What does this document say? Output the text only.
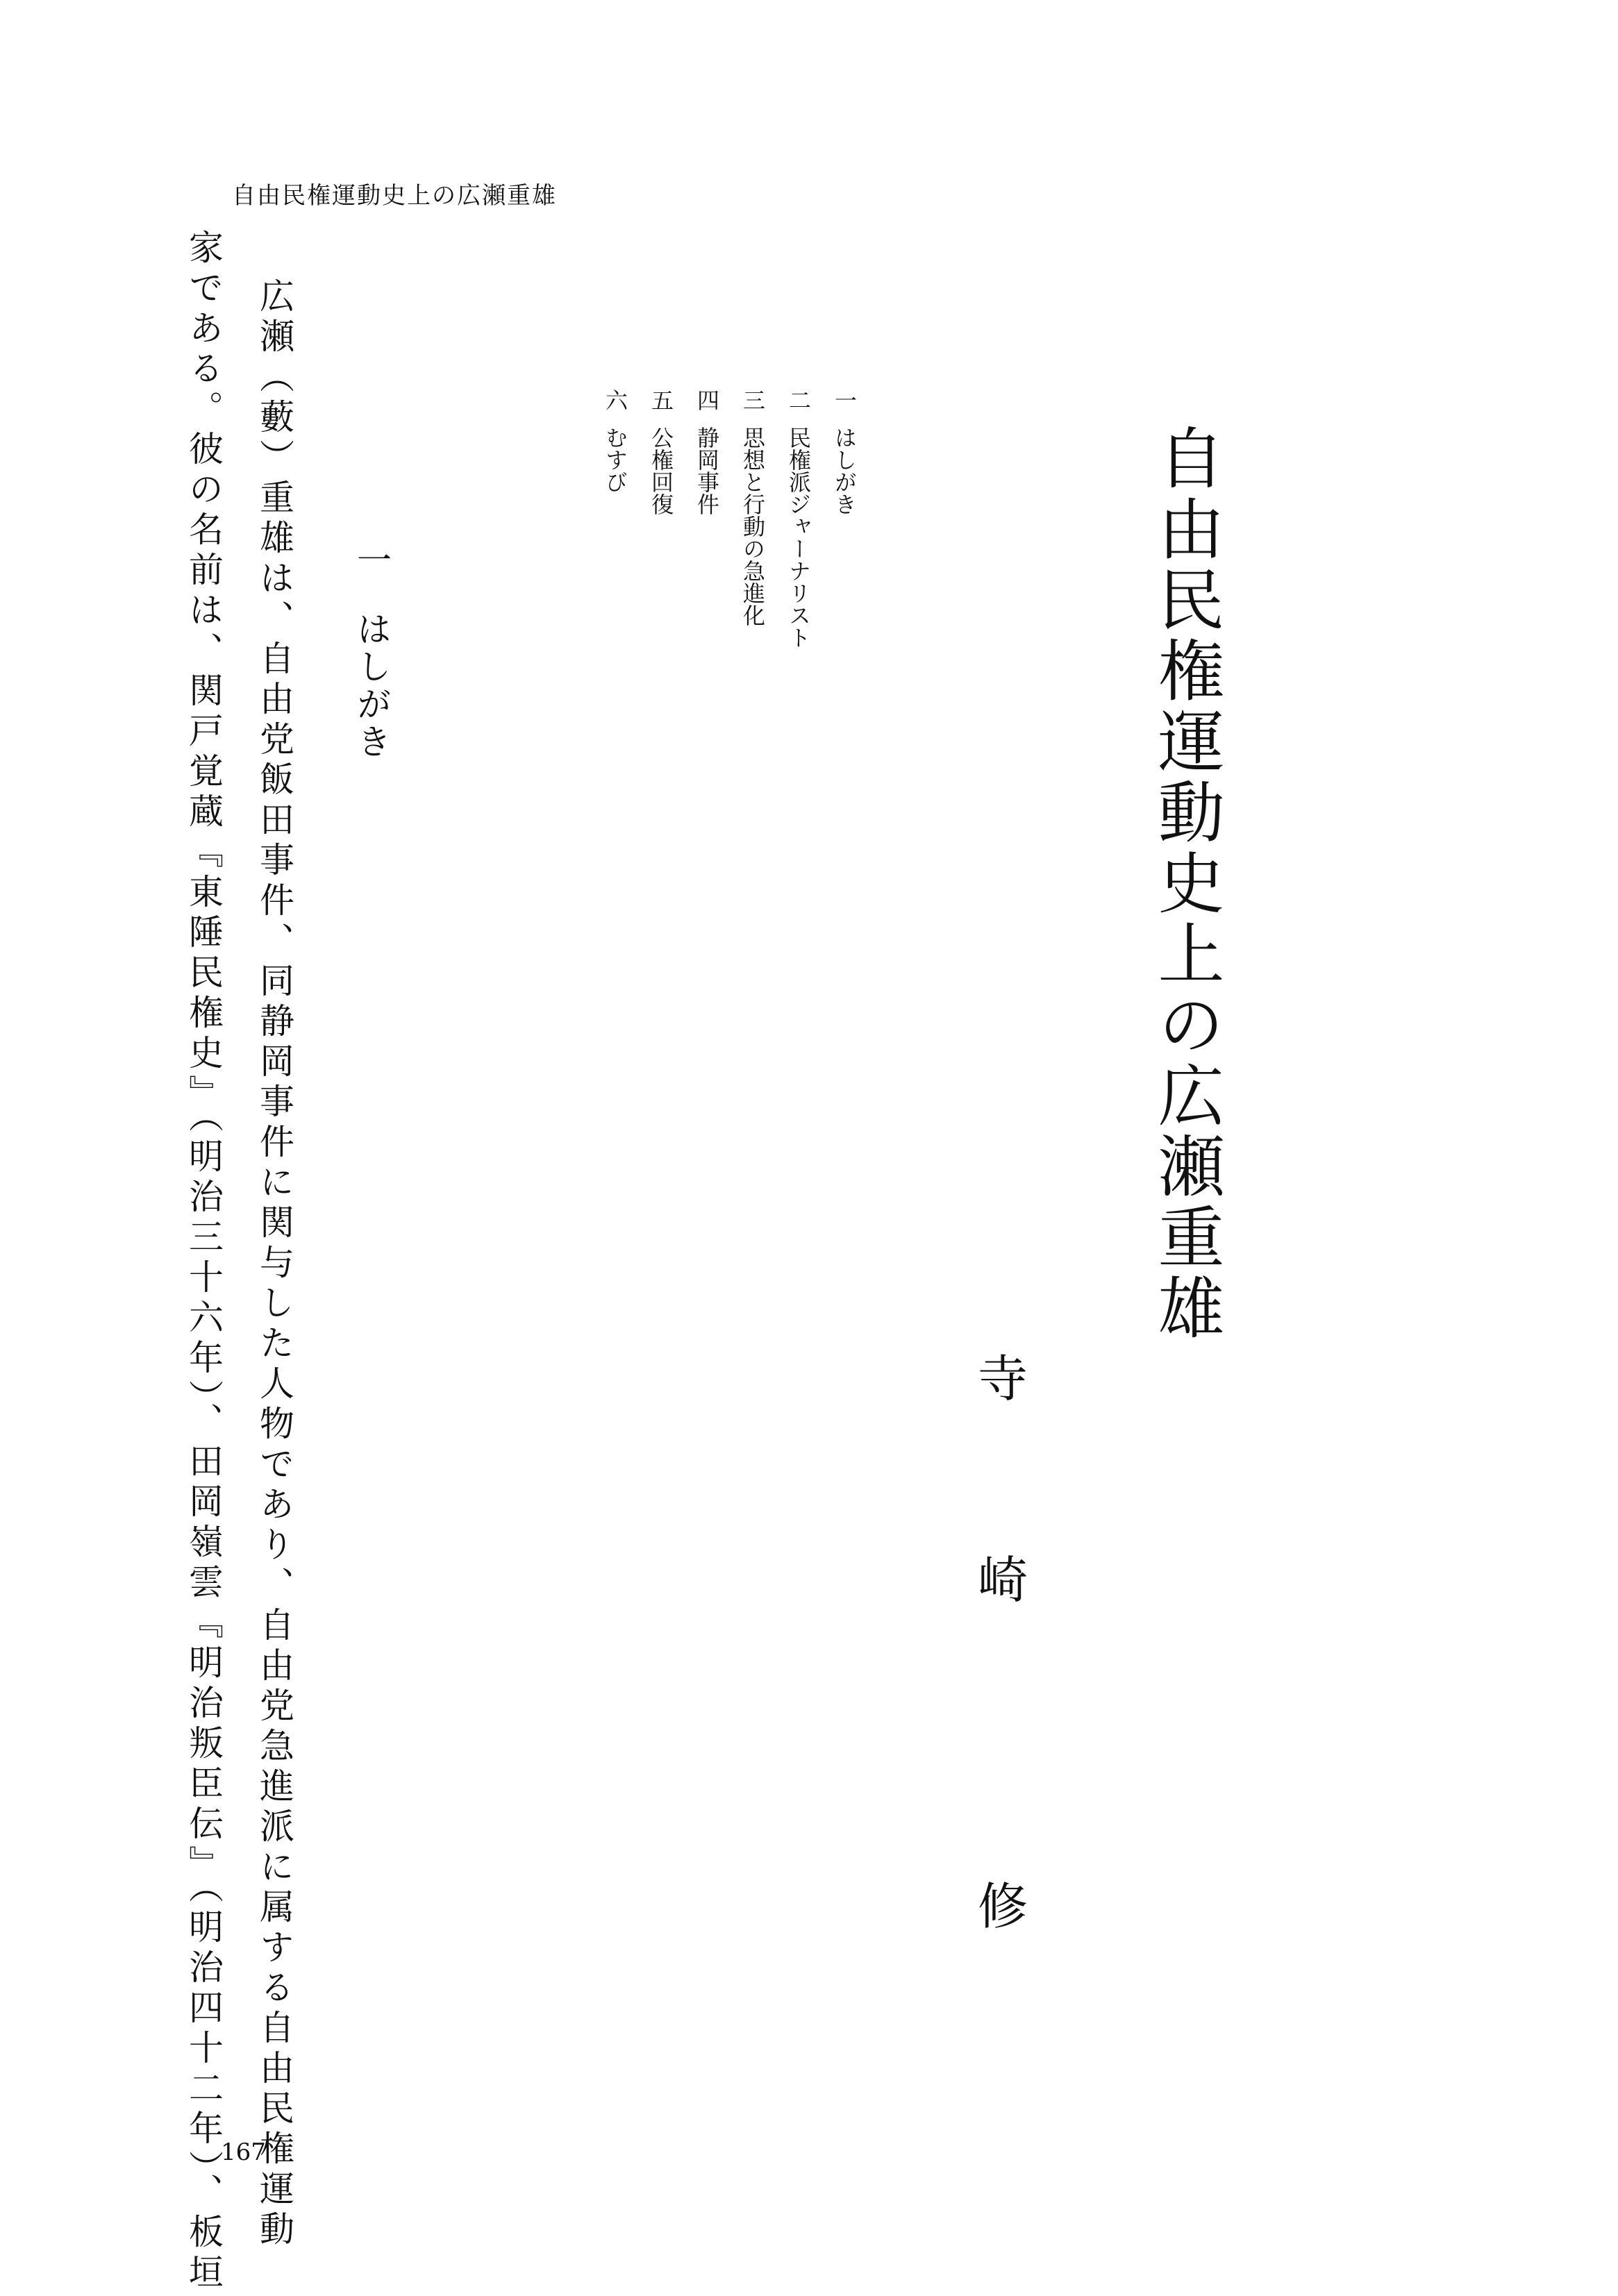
自由民権運動史上の広瀬重雄
自由民権運動史上の広瀬重雄
寺
崎
修
一
はしがき
二
民権派ジャーナリスト
三
思想と行動の急進化
四
静岡事件
五
公権回復
六
むすび
一
はしがき
広瀬（藪）重雄は、自由党飯田事件、同静岡事件に関与した人物であり、自由党急進派に属する自由民権運動
家である。彼の名前は、関戸覚蔵『東陲民権史』（明治三十六年）、田岡嶺雲『明治叛臣伝』（明治四十二年）、板垣
167
